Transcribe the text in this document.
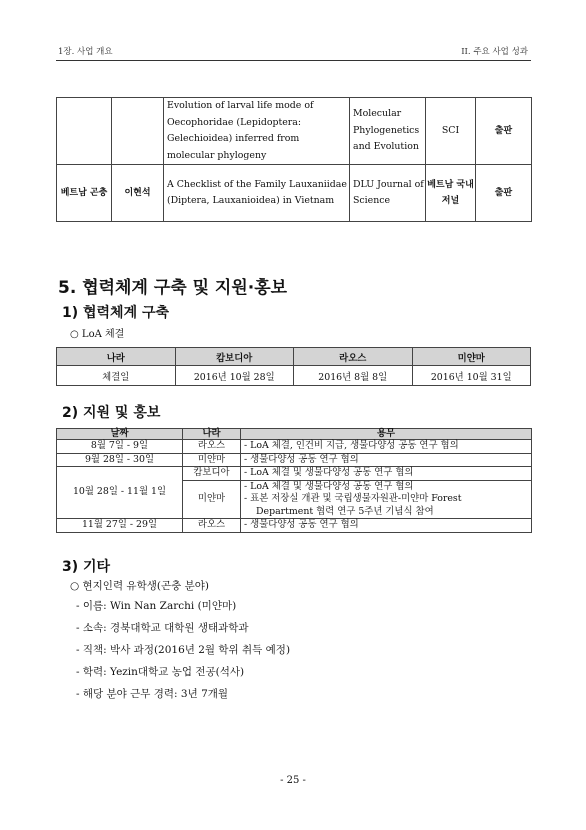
1장. 사업 개요	II. 주요 사업 성과
		Evolution of larval life mode of Oecophoridae (Lepidoptera: Gelechioidea) inferred from molecular phylogeny	Molecular Phylogenetics and Evolution	SCI	출판
베트남 곤충	이현석	A Checklist of the Family Lauxaniidae (Diptera, Lauxanioidea) in Vietnam	DLU Journal of Science	베트남 국내 저널	출판
5. 협력체계 구축 및 지원·홍보
1) 협력체계 구축
○ LoA 체결
나라	캄보디아	라오스	미얀마
체결일	2016년 10월 28일	2016년 8월 8일	2016년 10월 31일
2) 지원 및 홍보
날짜	나라	용무
8월 7일 - 9일	라오스	- LoA 체결, 인건비 지급, 생물다양성 공동 연구 협의
9월 28일 - 30일	미얀마	- 생물다양성 공동 연구 협의
10월 28일 - 11월 1일	캄보디아	- LoA 체결 및 생물다양성 공동 연구 협의
	미얀마	- LoA 체결 및 생물다양성 공동 연구 협의
- 표본 저장실 개관 및 국립생물자원관-미얀마 Forest
Department 협력 연구 5주년 기념식 참여

11월 27일 - 29일	라오스	- 생물다양성 공동 연구 협의
3) 기타
○ 현지인력 유학생(곤충 분야)
- 이름: Win Nan Zarchi (미얀마)
- 소속: 경북대학교 대학원 생태과학과
- 직책: 박사 과정(2016년 2월 학위 취득 예정)
- 학력: Yezin대학교 농업 전공(석사)
- 해당 분야 근무 경력: 3년 7개월
- 25 -
